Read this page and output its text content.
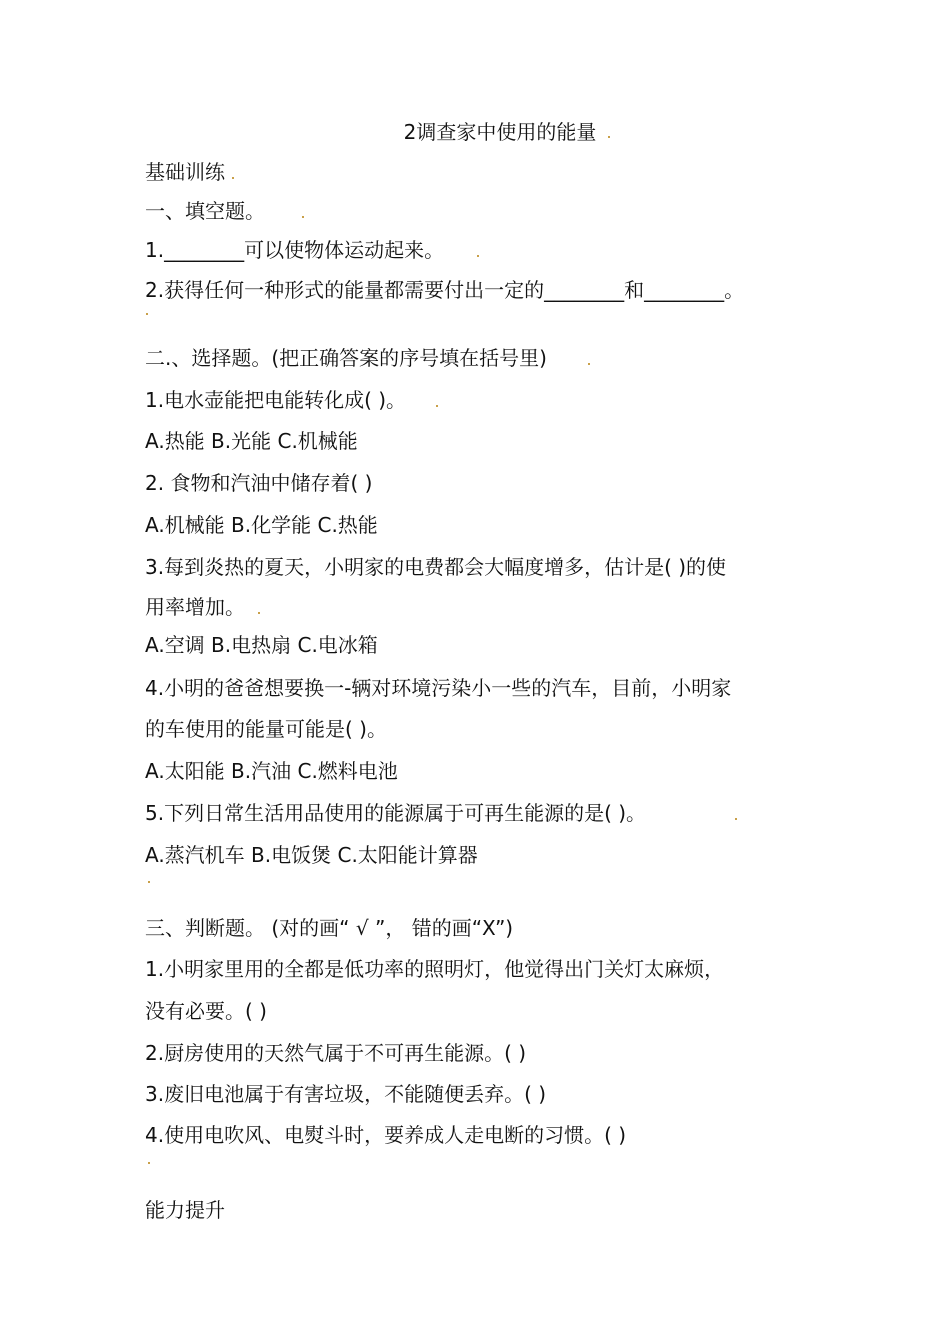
2调查家中使用的能量
基础训练
一、填空题。
1.________可以使物体运动起来。
2.获得任何一种形式的能量都需要付出一定的________和________。
二.、选择题。(把正确答案的序号填在括号里)
1.电水壶能把电能转化成( )。
A.热能 B.光能 C.机械能
2. 食物和汽油中储存着( )
A.机械能 B.化学能 C.热能
3.每到炎热的夏天，小明家的电费都会大幅度增多，估计是( )的使
用率增加。
A.空调 B.电热扇 C.电冰箱
4.小明的爸爸想要换一-辆对环境污染小一些的汽车，目前，小明家
的车使用的能量可能是( )。
A.太阳能 B.汽油 C.燃料电池
5.下列日常生活用品使用的能源属于可再生能源的是( )。
A.蒸汽机车 B.电饭煲 C.太阳能计算器
三、判断题。 (对的画“ √ ”， 错的画“X”)
1.小明家里用的全都是低功率的照明灯，他觉得出门关灯太麻烦，
没有必要。( )
2.厨房使用的天然气属于不可再生能源。( )
3.废旧电池属于有害垃圾，不能随便丢弃。( )
4.使用电吹风、电熨斗时，要养成人走电断的习惯。( )
能力提升
